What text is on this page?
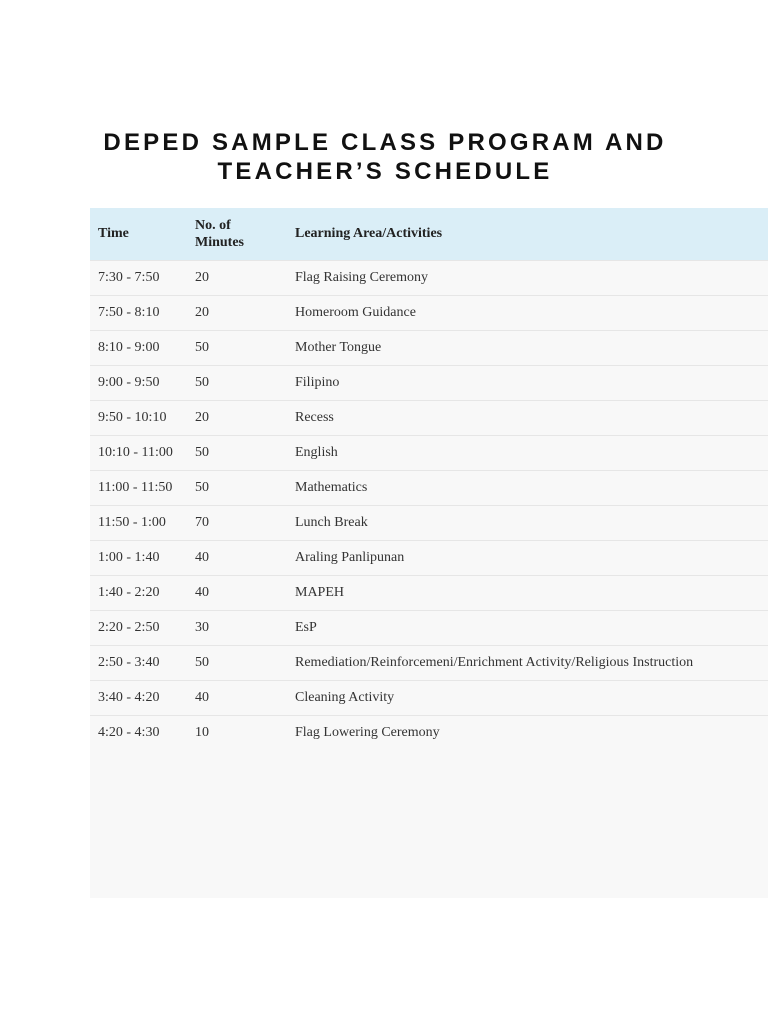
DEPED SAMPLE CLASS PROGRAM AND TEACHER’S SCHEDULE
Time	No. of Minutes	Learning Area/Activities
7:30 - 7:50	20	Flag Raising Ceremony
7:50 - 8:10	20	Homeroom Guidance
8:10 - 9:00	50	Mother Tongue
9:00 - 9:50	50	Filipino
9:50 - 10:10	20	Recess
10:10 - 11:00	50	English
11:00 - 11:50	50	Mathematics
11:50 - 1:00	70	Lunch Break
1:00 - 1:40	40	Araling Panlipunan
1:40 - 2:20	40	MAPEH
2:20 - 2:50	30	EsP
2:50 - 3:40	50	Remediation/Reinforcemeni/Enrichment Activity/Religious Instruction
3:40 - 4:20	40	Cleaning Activity
4:20 - 4:30	10	Flag Lowering Ceremony
